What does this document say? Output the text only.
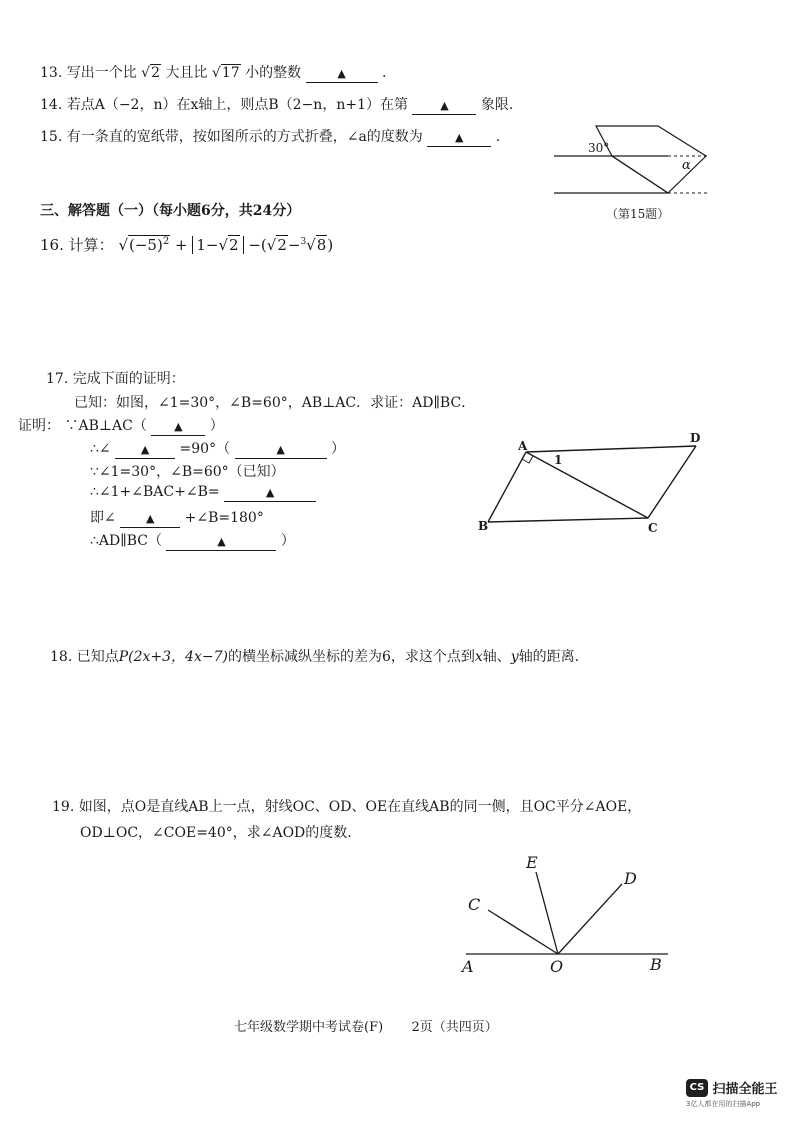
13. 写出一个比 √2 大且比 √17 小的整数	▲	.
14. 若点A（−2，n）在x轴上，则点B（2−n，n+1）在第	▲ 象限.
15. 有一条直的宽纸带，按如图所示的方式折叠，∠a的度数为	▲ .
30°
α
（第15题）
三、解答题（一）（每小题6分，共24分）
16. 计算： $√(-5)^2 + 1-√2 -(√2-^3√8)$
17. 完成下面的证明：
已知：如图，∠1=30°，∠B=60°，AB⊥AC．求证：AD∥BC．
证明： ∵AB⊥AC（ ▲ ）
∴∠	▲ =90°（	▲	）
∵∠1=30°，∠B=60°（已知）
∴∠1+∠BAC+∠B=	▲
即∠	▲ +∠B=180°
∴AD∥BC（	▲	）
A
D
B	C
1
18. 已知点P(2x+3，4x−7)的横坐标减纵坐标的差为6，求这个点到x轴、y轴的距离.
19. 如图，点O是直线AB上一点，射线OC、OD、OE在直线AB的同一侧，且OC平分∠AOE，
OD⊥OC，∠COE=40°，求∠AOD的度数.
A	O	B
C
E
D
七年级数学期中考试卷(F) 2页（共四页）
CS 扫描全能王
3亿人都在用的扫描App
